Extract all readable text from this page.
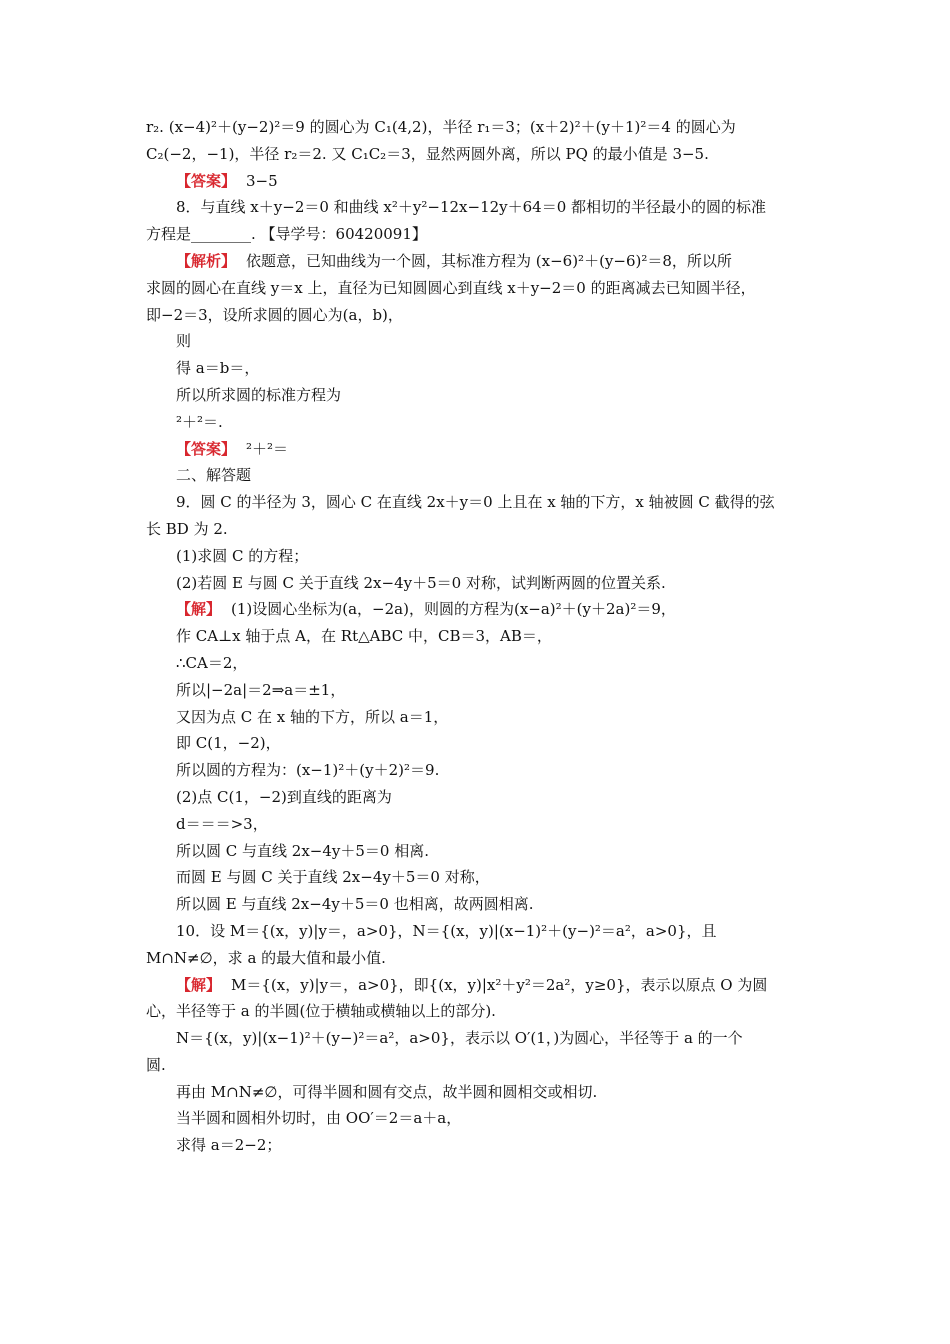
r₂. (x−4)²＋(y−2)²＝9 的圆心为 C₁(4,2)，半径 r₁＝3；(x＋2)²＋(y＋1)²＝4 的圆心为
C₂(−2，−1)，半径 r₂＝2. 又 C₁C₂＝3，显然两圆外离，所以 PQ 的最小值是 3−5.
【答案】 3−5
8．与直线 x＋y−2＝0 和曲线 x²＋y²−12x−12y＋64＝0 都相切的半径最小的圆的标准
方程是________. 【导学号：60420091】
【解析】 依题意，已知曲线为一个圆，其标准方程为 (x−6)²＋(y−6)²＝8，所以所
求圆的圆心在直线 y＝x 上，直径为已知圆圆心到直线 x＋y−2＝0 的距离减去已知圆半径，
即−2＝3，设所求圆的圆心为(a，b)，
则
得 a＝b＝，
所以所求圆的标准方程为
²＋²＝.
【答案】 ²＋²＝
二、解答题
9．圆 C 的半径为 3，圆心 C 在直线 2x＋y＝0 上且在 x 轴的下方，x 轴被圆 C 截得的弦
长 BD 为 2.
(1)求圆 C 的方程；
(2)若圆 E 与圆 C 关于直线 2x−4y＋5＝0 对称，试判断两圆的位置关系.
【解】 (1)设圆心坐标为(a，−2a)，则圆的方程为(x−a)²＋(y＋2a)²＝9，
作 CA⊥x 轴于点 A，在 Rt△ABC 中，CB＝3，AB＝，
∴CA＝2，
所以|−2a|＝2⇒a＝±1，
又因为点 C 在 x 轴的下方，所以 a＝1，
即 C(1，−2)，
所以圆的方程为：(x−1)²＋(y＋2)²＝9.
(2)点 C(1，−2)到直线的距离为
d＝＝＝>3，
所以圆 C 与直线 2x−4y＋5＝0 相离.
而圆 E 与圆 C 关于直线 2x−4y＋5＝0 对称，
所以圆 E 与直线 2x−4y＋5＝0 也相离，故两圆相离.
10．设 M＝{(x，y)|y＝，a>0}，N＝{(x，y)|(x−1)²＋(y−)²＝a²，a>0}，且
M∩N≠∅，求 a 的最大值和最小值.
【解】 M＝{(x，y)|y＝，a>0}，即{(x，y)|x²＋y²＝2a²，y≥0}，表示以原点 O 为圆
心，半径等于 a 的半圆(位于横轴或横轴以上的部分).
N＝{(x，y)|(x−1)²＋(y−)²＝a²，a>0}，表示以 O′(1，)为圆心，半径等于 a 的一个
圆.
再由 M∩N≠∅，可得半圆和圆有交点，故半圆和圆相交或相切.
当半圆和圆相外切时，由 OO′＝2＝a＋a，
求得 a＝2−2；
